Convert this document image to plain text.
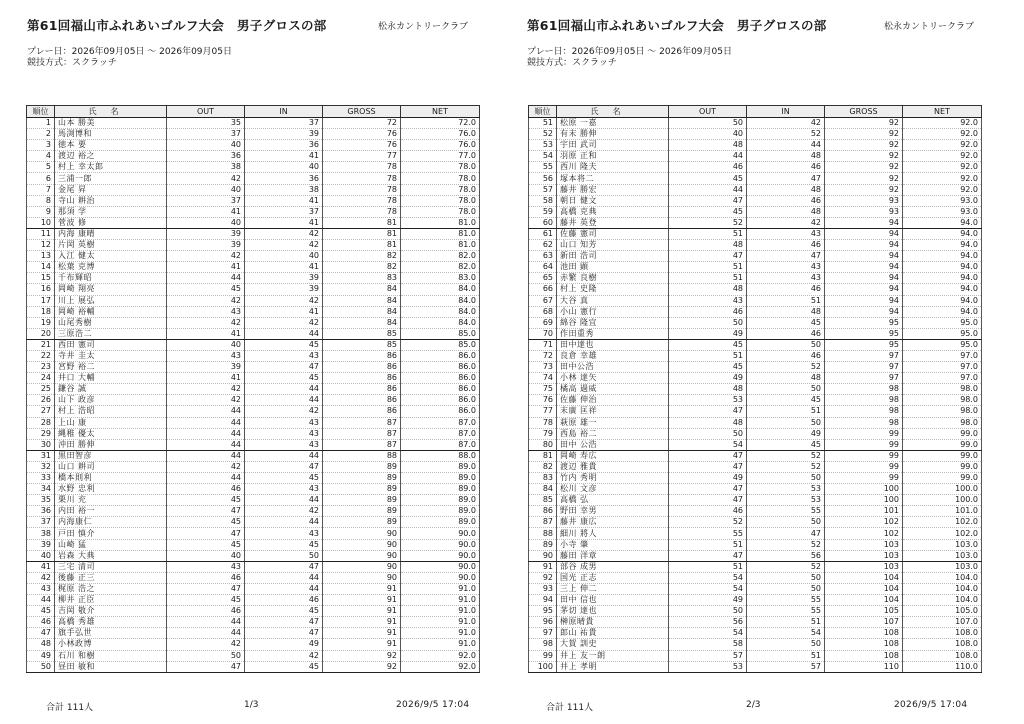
第61回福山市ふれあいゴルフ大会　男子グロスの部	松永カントリークラブ
プレー日：2026年09月05日 ～ 2026年09月05日
競技方式：スクラッチ
順位	氏名	OUT	IN	GROSS	NET
1	山本 勝美	35	37	72	72.0
2	馬渕博和	37	39	76	76.0
3	徳本 要	40	36	76	76.0
4	渡辺 裕之	36	41	77	77.0
5	村上 幸太郎	38	40	78	78.0
6	三浦一郎	42	36	78	78.0
7	金尾 昇	40	38	78	78.0
8	寺山 耕治	37	41	78	78.0
9	那須 学	41	37	78	78.0
10	菅波 修	40	41	81	81.0
11	内海 康晴	39	42	81	81.0
12	片岡 英樹	39	42	81	81.0
13	入江 健太	42	40	82	82.0
14	松葉 克博	41	41	82	82.0
15	千布輝昭	44	39	83	83.0
16	岡崎 翔亮	45	39	84	84.0
17	川上 展弘	42	42	84	84.0
18	岡崎 裕輔	43	41	84	84.0
19	山尾秀樹	42	42	84	84.0
20	三原浩二	41	44	85	85.0
21	西田 憲司	40	45	85	85.0
22	寺井 圭太	43	43	86	86.0
23	宮野 裕二	39	47	86	86.0
24	井口 大輔	41	45	86	86.0
25	鎌谷 誠	42	44	86	86.0
26	山下 政彦	42	44	86	86.0
27	村上 浩昭	44	42	86	86.0
28	上山 康	44	43	87	87.0
29	縄稚 優太	44	43	87	87.0
30	沖田 勝伸	44	43	87	87.0
31	黒田智彦	44	44	88	88.0
32	山口 耕司	42	47	89	89.0
33	橋本則利	44	45	89	89.0
34	水野 忠利	46	43	89	89.0
35	栗川 充	45	44	89	89.0
36	内田 裕一	47	42	89	89.0
37	内海康仁	45	44	89	89.0
38	戸田 慎介	47	43	90	90.0
39	山崎 猛	45	45	90	90.0
40	岩森 大典	40	50	90	90.0
41	三宅 清司	43	47	90	90.0
42	後藤 正三	46	44	90	90.0
43	梶原 浩之	47	44	91	91.0
44	柳井 正臣	45	46	91	91.0
45	吉岡 敬介	46	45	91	91.0
46	高橋 秀雄	44	47	91	91.0
47	旗手弘世	44	47	91	91.0
48	小林政博	42	49	91	91.0
49	石川 和樹	50	42	92	92.0
50	昼田 敏和	47	45	92	92.0
合計 111人	1/3	2026/9/5 17:04
第61回福山市ふれあいゴルフ大会　男子グロスの部	松永カントリークラブ
プレー日：2026年09月05日 ～ 2026年09月05日
競技方式：スクラッチ
順位	氏名	OUT	IN	GROSS	NET
51	松原 一嘉	50	42	92	92.0
52	有末 勝伸	40	52	92	92.0
53	宇田 武司	48	44	92	92.0
54	羽原 正和	44	48	92	92.0
55	西川 隆夫	46	46	92	92.0
56	塚本将二	45	47	92	92.0
57	藤井 勝宏	44	48	92	92.0
58	朝日 健文	47	46	93	93.0
59	高橋 克典	45	48	93	93.0
60	藤井 英登	52	42	94	94.0
61	佐藤 憲司	51	43	94	94.0
62	山口 知芳	48	46	94	94.0
63	新田 浩司	47	47	94	94.0
64	池田 顕	51	43	94	94.0
65	赤繁 良樹	51	43	94	94.0
66	村上 史隆	48	46	94	94.0
67	大谷 真	43	51	94	94.0
68	小山 憲行	46	48	94	94.0
69	綿谷 隆宜	50	45	95	95.0
70	作田重秀	49	46	95	95.0
71	田中達也	45	50	95	95.0
72	良倉 幸雄	51	46	97	97.0
73	田中公浩	45	52	97	97.0
74	小林 達矢	49	48	97	97.0
75	橘高 過威	48	50	98	98.0
76	佐藤 伸治	53	45	98	98.0
77	末廣 匡祥	47	51	98	98.0
78	萩原 雄一	48	50	98	98.0
79	西島 裕二	50	49	99	99.0
80	田中 公浩	54	45	99	99.0
81	岡崎 寿広	47	52	99	99.0
82	渡辺 雅貴	47	52	99	99.0
83	竹内 秀明	49	50	99	99.0
84	松川 文彦	47	53	100	100.0
85	高橋 弘	47	53	100	100.0
86	野田 幸男	46	55	101	101.0
87	藤井 康広	52	50	102	102.0
88	細川 將人	55	47	102	102.0
89	小寺 肇	51	52	103	103.0
90	藤田 洋章	47	56	103	103.0
91	部谷 成男	51	52	103	103.0
92	国光 正志	54	50	104	104.0
93	三上 伸二	54	50	104	104.0
94	田中 信也	49	55	104	104.0
95	茅切 達也	50	55	105	105.0
96	榊原晴貴	56	51	107	107.0
97	郎山 祐貴	54	54	108	108.0
98	大賀 訓史	58	50	108	108.0
99	井上 友一朗	57	51	108	108.0
100	井上 孝明	53	57	110	110.0
合計 111人	2/3	2026/9/5 17:04
